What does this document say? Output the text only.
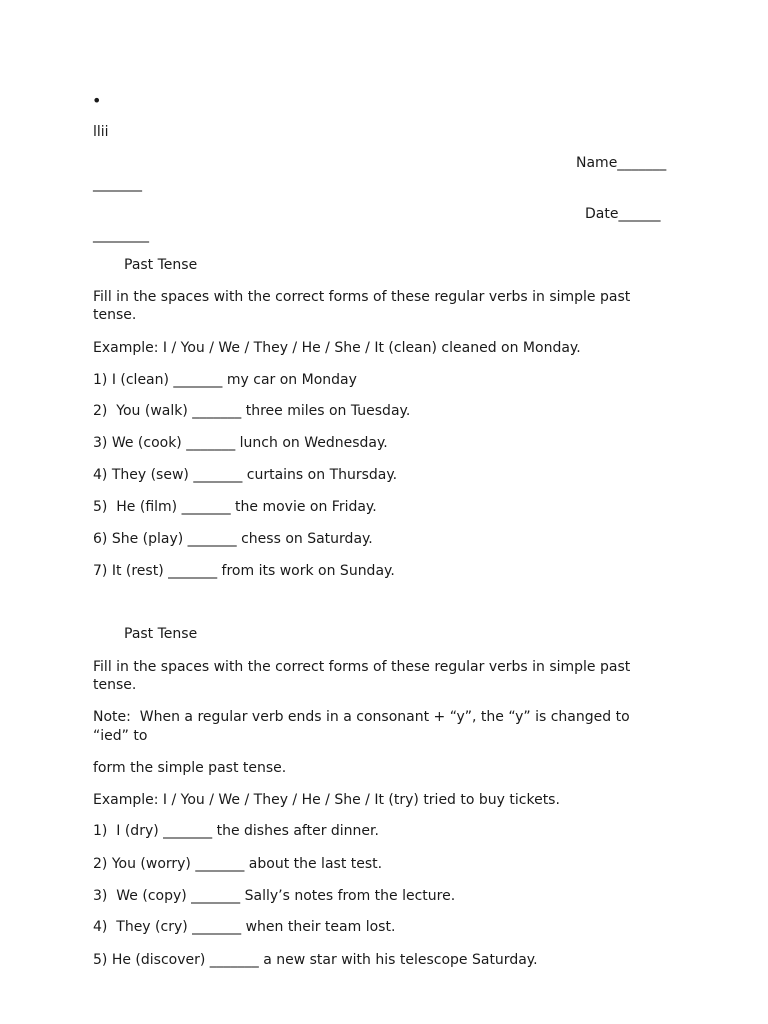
•
llii
Name_______
_______
Date______
________
Past Tense
Fill in the spaces with the correct forms of these regular verbs in simple past
tense.
Example: I / You / We / They / He / She / It (clean) cleaned on Monday.
1) I (clean) _______ my car on Monday
2)  You (walk) _______ three miles on Tuesday.
3) We (cook) _______ lunch on Wednesday.
4) They (sew) _______ curtains on Thursday.
5)  He (film) _______ the movie on Friday.
6) She (play) _______ chess on Saturday.
7) It (rest) _______ from its work on Sunday.
Past Tense
Fill in the spaces with the correct forms of these regular verbs in simple past
tense.
Note:  When a regular verb ends in a consonant + “y”, the “y” is changed to
“ied” to
form the simple past tense.
Example: I / You / We / They / He / She / It (try) tried to buy tickets.
1)  I (dry) _______ the dishes after dinner.
2) You (worry) _______ about the last test.
3)  We (copy) _______ Sally’s notes from the lecture.
4)  They (cry) _______ when their team lost.
5) He (discover) _______ a new star with his telescope Saturday.
